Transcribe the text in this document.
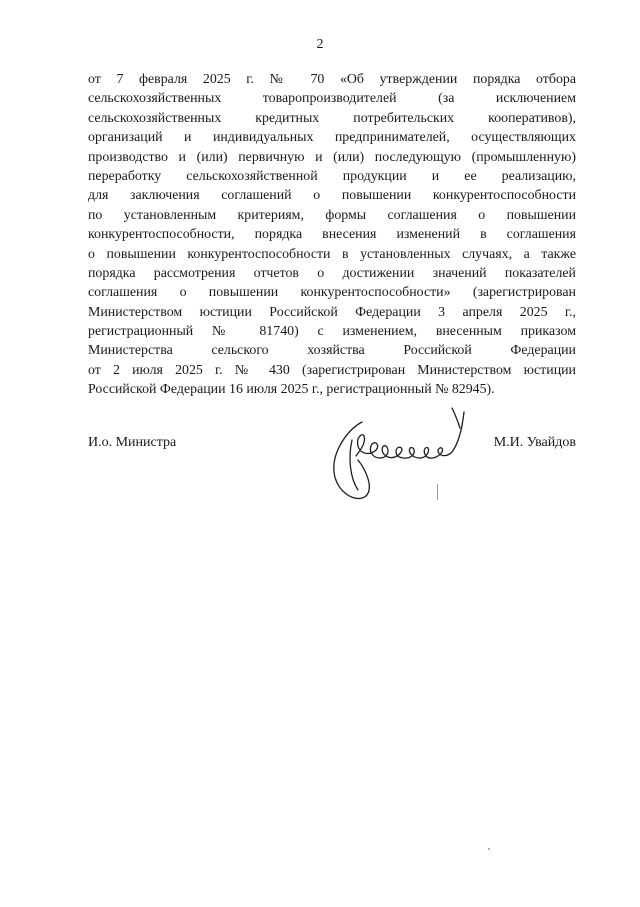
2
от 7 февраля 2025 г. № 70 «Об утверждении порядка отбора
сельскохозяйственных товаропроизводителей (за исключением
сельскохозяйственных кредитных потребительских кооперативов),
организаций и индивидуальных предпринимателей, осуществляющих
производство и (или) первичную и (или) последующую (промышленную)
переработку сельскохозяйственной продукции и ее реализацию,
для заключения соглашений о повышении конкурентоспособности
по установленным критериям, формы соглашения о повышении
конкурентоспособности, порядка внесения изменений в соглашения
о повышении конкурентоспособности в установленных случаях, а также
порядка рассмотрения отчетов о достижении значений показателей
соглашения о повышении конкурентоспособности» (зарегистрирован
Министерством юстиции Российской Федерации 3 апреля 2025 г.,
регистрационный № 81740) с изменением, внесенным приказом
Министерства сельского хозяйства Российской Федерации
от 2 июля 2025 г. № 430 (зарегистрирован Министерством юстиции
Российской Федерации 16 июля 2025 г., регистрационный № 82945).
И.о. Министра	М.И. Увайдов
